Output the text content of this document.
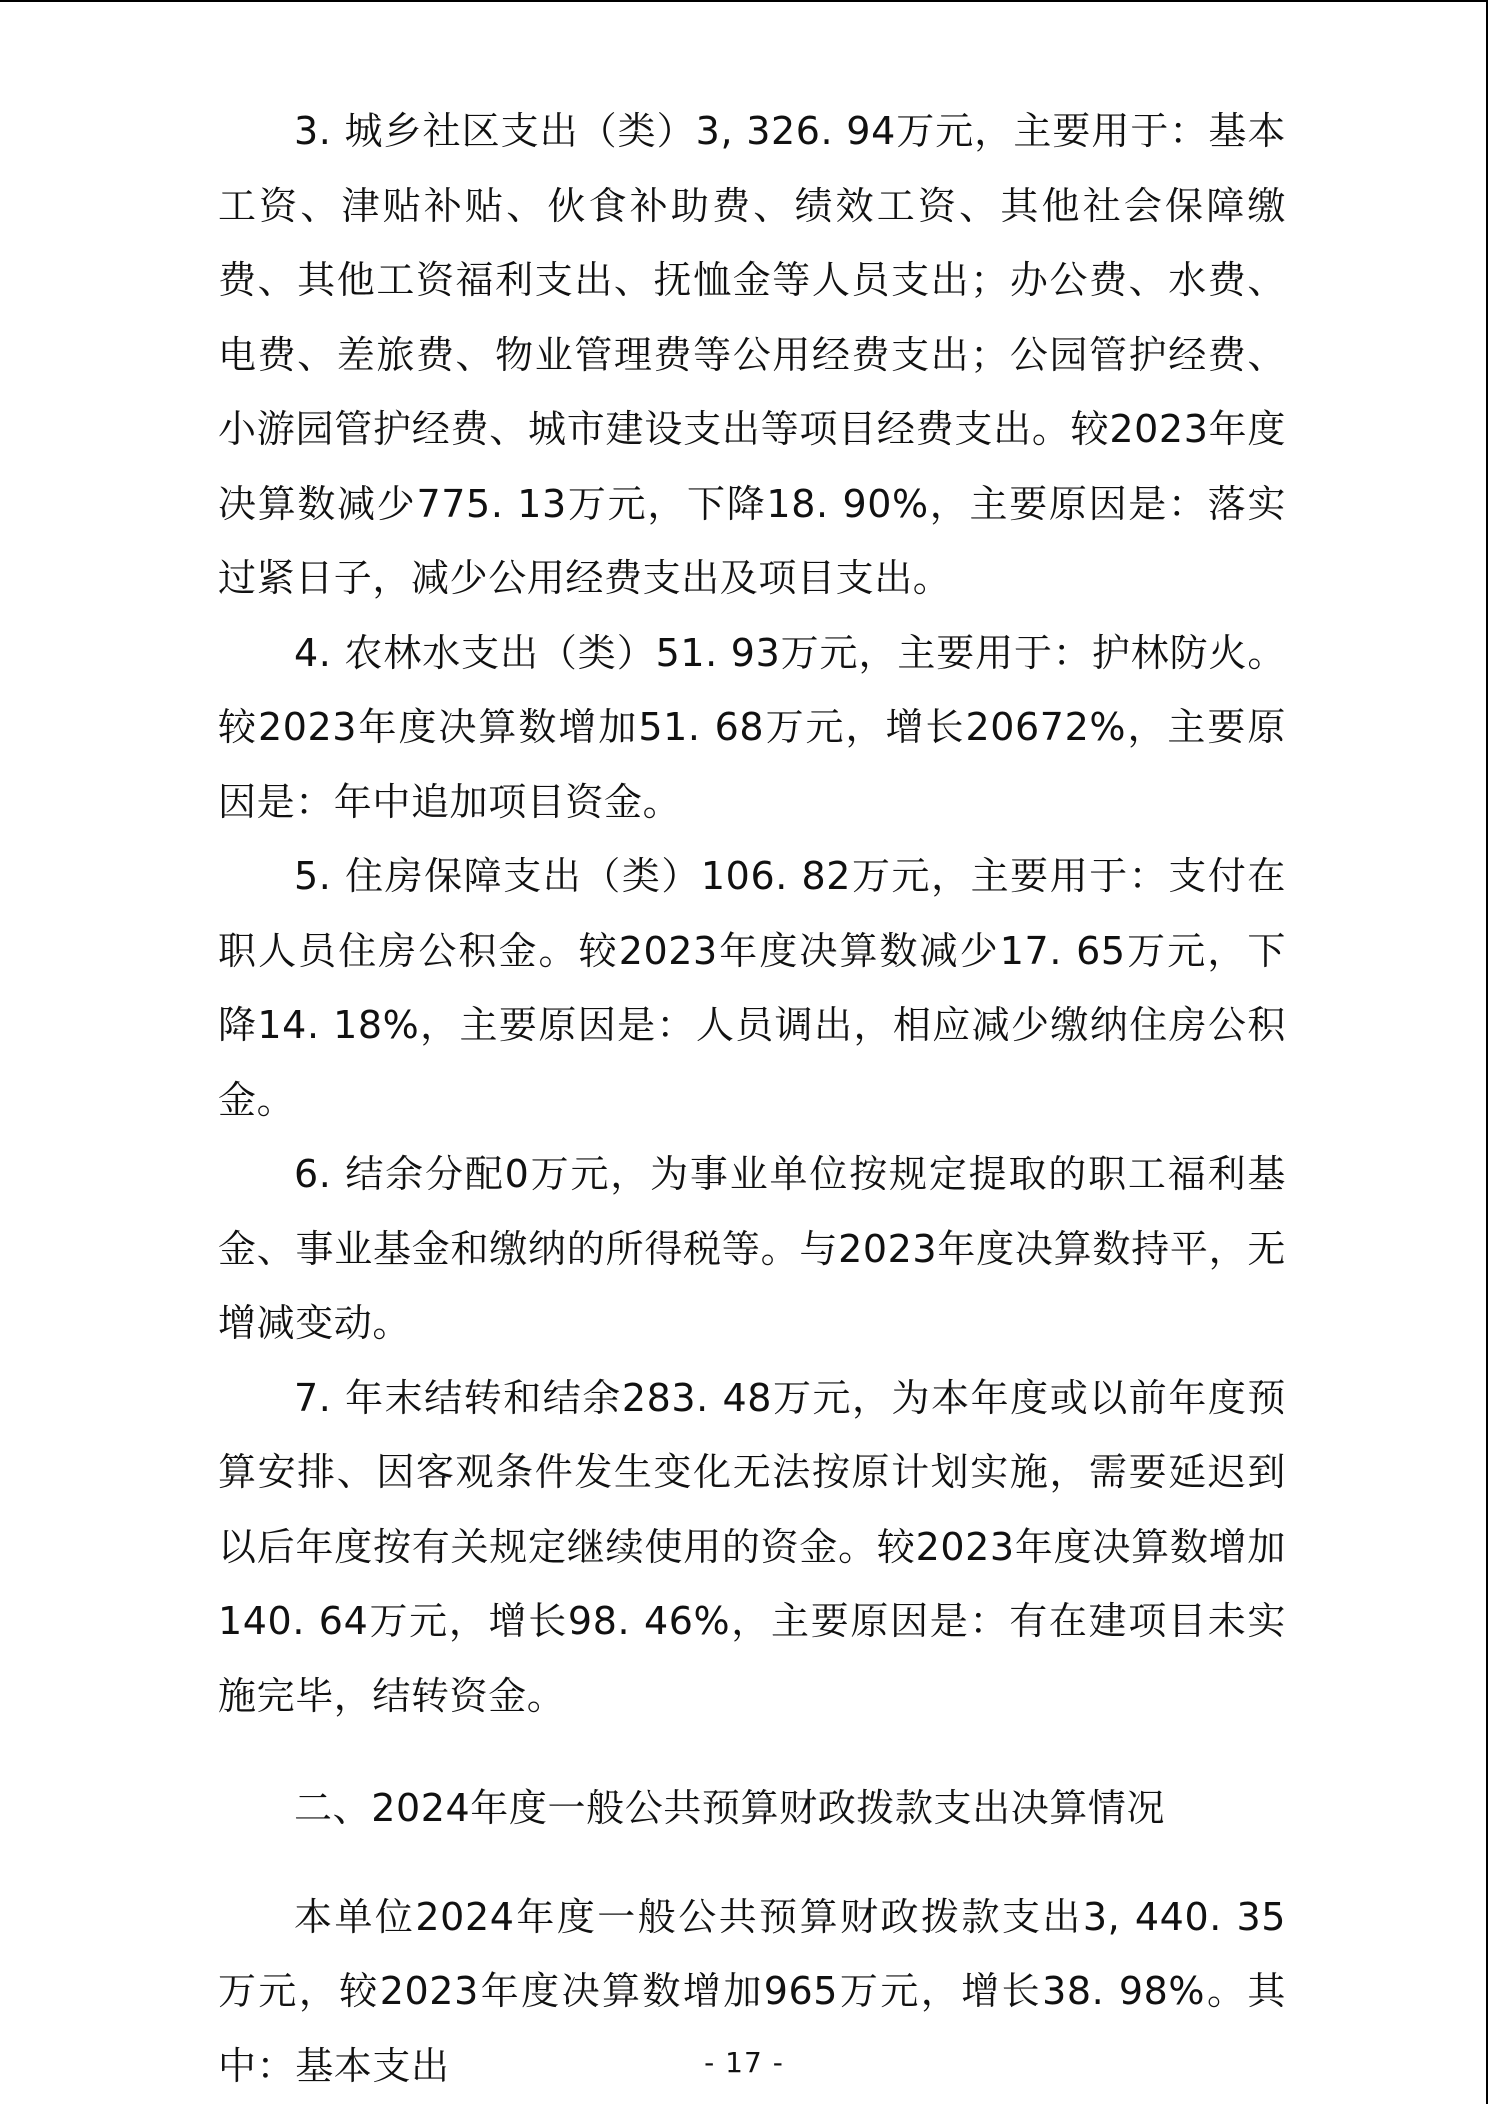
3. 城乡社区支出（类）3, 326. 94万元，主要用于：基本工资、津贴补贴、伙食补助费、绩效工资、其他社会保障缴费、其他工资福利支出、抚恤金等人员支出；办公费、水费、电费、差旅费、物业管理费等公用经费支出；公园管护经费、小游园管护经费、城市建设支出等项目经费支出。较2023年度决算数减少775. 13万元，下降18. 90%，主要原因是：落实过紧日子，减少公用经费支出及项目支出。

4. 农林水支出（类）51. 93万元，主要用于：护林防火。较2023年度决算数增加51. 68万元，增长20672%，主要原因是：年中追加项目资金。

5. 住房保障支出（类）106. 82万元，主要用于：支付在职人员住房公积金。较2023年度决算数减少17. 65万元，下降14. 18%，主要原因是：人员调出，相应减少缴纳住房公积金。

6. 结余分配0万元，为事业单位按规定提取的职工福利基金、事业基金和缴纳的所得税等。与2023年度决算数持平，无增减变动。

7. 年末结转和结余283. 48万元，为本年度或以前年度预算安排、因客观条件发生变化无法按原计划实施，需要延迟到以后年度按有关规定继续使用的资金。较2023年度决算数增加140. 64万元，增长98. 46%，主要原因是：有在建项目未实施完毕，结转资金。

二、2024年度一般公共预算财政拨款支出决算情况

本单位2024年度一般公共预算财政拨款支出3, 440. 35万元，较2023年度决算数增加965万元，增长38. 98%。其中：基本支出	- 17 -
